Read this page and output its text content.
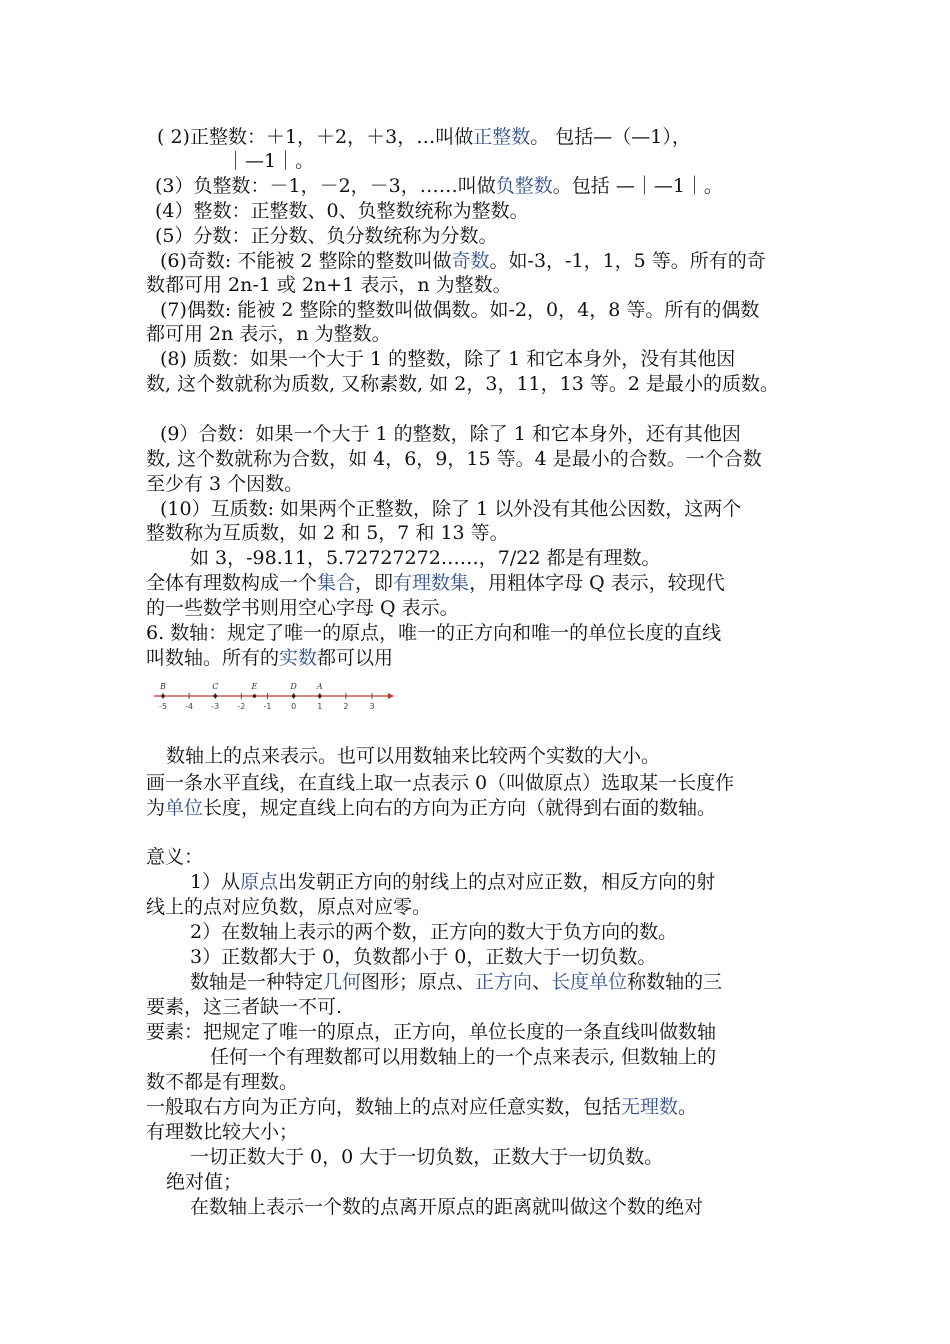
( 2)正整数：＋1，＋2，＋3，…叫做正整数。 包括—（—1），
｜—1｜。
(3）负整数：－1，－2，－3，……叫做负整数。包括 —｜—1｜。
(4）整数：正整数、0、负整数统称为整数。
(5）分数：正分数、负分数统称为分数。
(6)奇数: 不能被 2 整除的整数叫做奇数。如-3，-1，1，5 等。所有的奇
数都可用 2n-1 或 2n+1 表示，n 为整数。
(7)偶数: 能被 2 整除的整数叫做偶数。如-2，0，4，8 等。所有的偶数
都可用 2n 表示，n 为整数。
(8) 质数：如果一个大于 1 的整数，除了 1 和它本身外，没有其他因
数, 这个数就称为质数, 又称素数, 如 2，3，11，13 等。2 是最小的质数。
(9）合数：如果一个大于 1 的整数，除了 1 和它本身外，还有其他因
数, 这个数就称为合数，如 4，6，9，15 等。4 是最小的合数。一个合数
至少有 3 个因数。
(10）互质数: 如果两个正整数，除了 1 以外没有其他公因数，这两个
整数称为互质数，如 2 和 5，7 和 13 等。
如 3，-98.11，5.72727272……，7/22 都是有理数。
全体有理数构成一个集合，即有理数集，用粗体字母 Q 表示，较现代
的一些数学书则用空心字母 Q 表示。
6. 数轴：规定了唯一的原点，唯一的正方向和唯一的单位长度的直线
叫数轴。所有的实数都可以用
-5 -4 -3 -2 -1 0	1	2	3
B	C	E	D	A
数轴上的点来表示。也可以用数轴来比较两个实数的大小。
画一条水平直线，在直线上取一点表示 0（叫做原点）选取某一长度作
为单位长度，规定直线上向右的方向为正方向（就得到右面的数轴。
意义：
1）从原点出发朝正方向的射线上的点对应正数，相反方向的射
线上的点对应负数，原点对应零。
2）在数轴上表示的两个数，正方向的数大于负方向的数。
3）正数都大于 0，负数都小于 0，正数大于一切负数。
数轴是一种特定几何图形；原点、正方向、长度单位称数轴的三
要素，这三者缺一不可.
要素：把规定了唯一的原点，正方向，单位长度的一条直线叫做数轴
任何一个有理数都可以用数轴上的一个点来表示, 但数轴上的
数不都是有理数。
一般取右方向为正方向，数轴上的点对应任意实数，包括无理数。
有理数比较大小；
一切正数大于 0，0 大于一切负数，正数大于一切负数。
绝对值；
在数轴上表示一个数的点离开原点的距离就叫做这个数的绝对
